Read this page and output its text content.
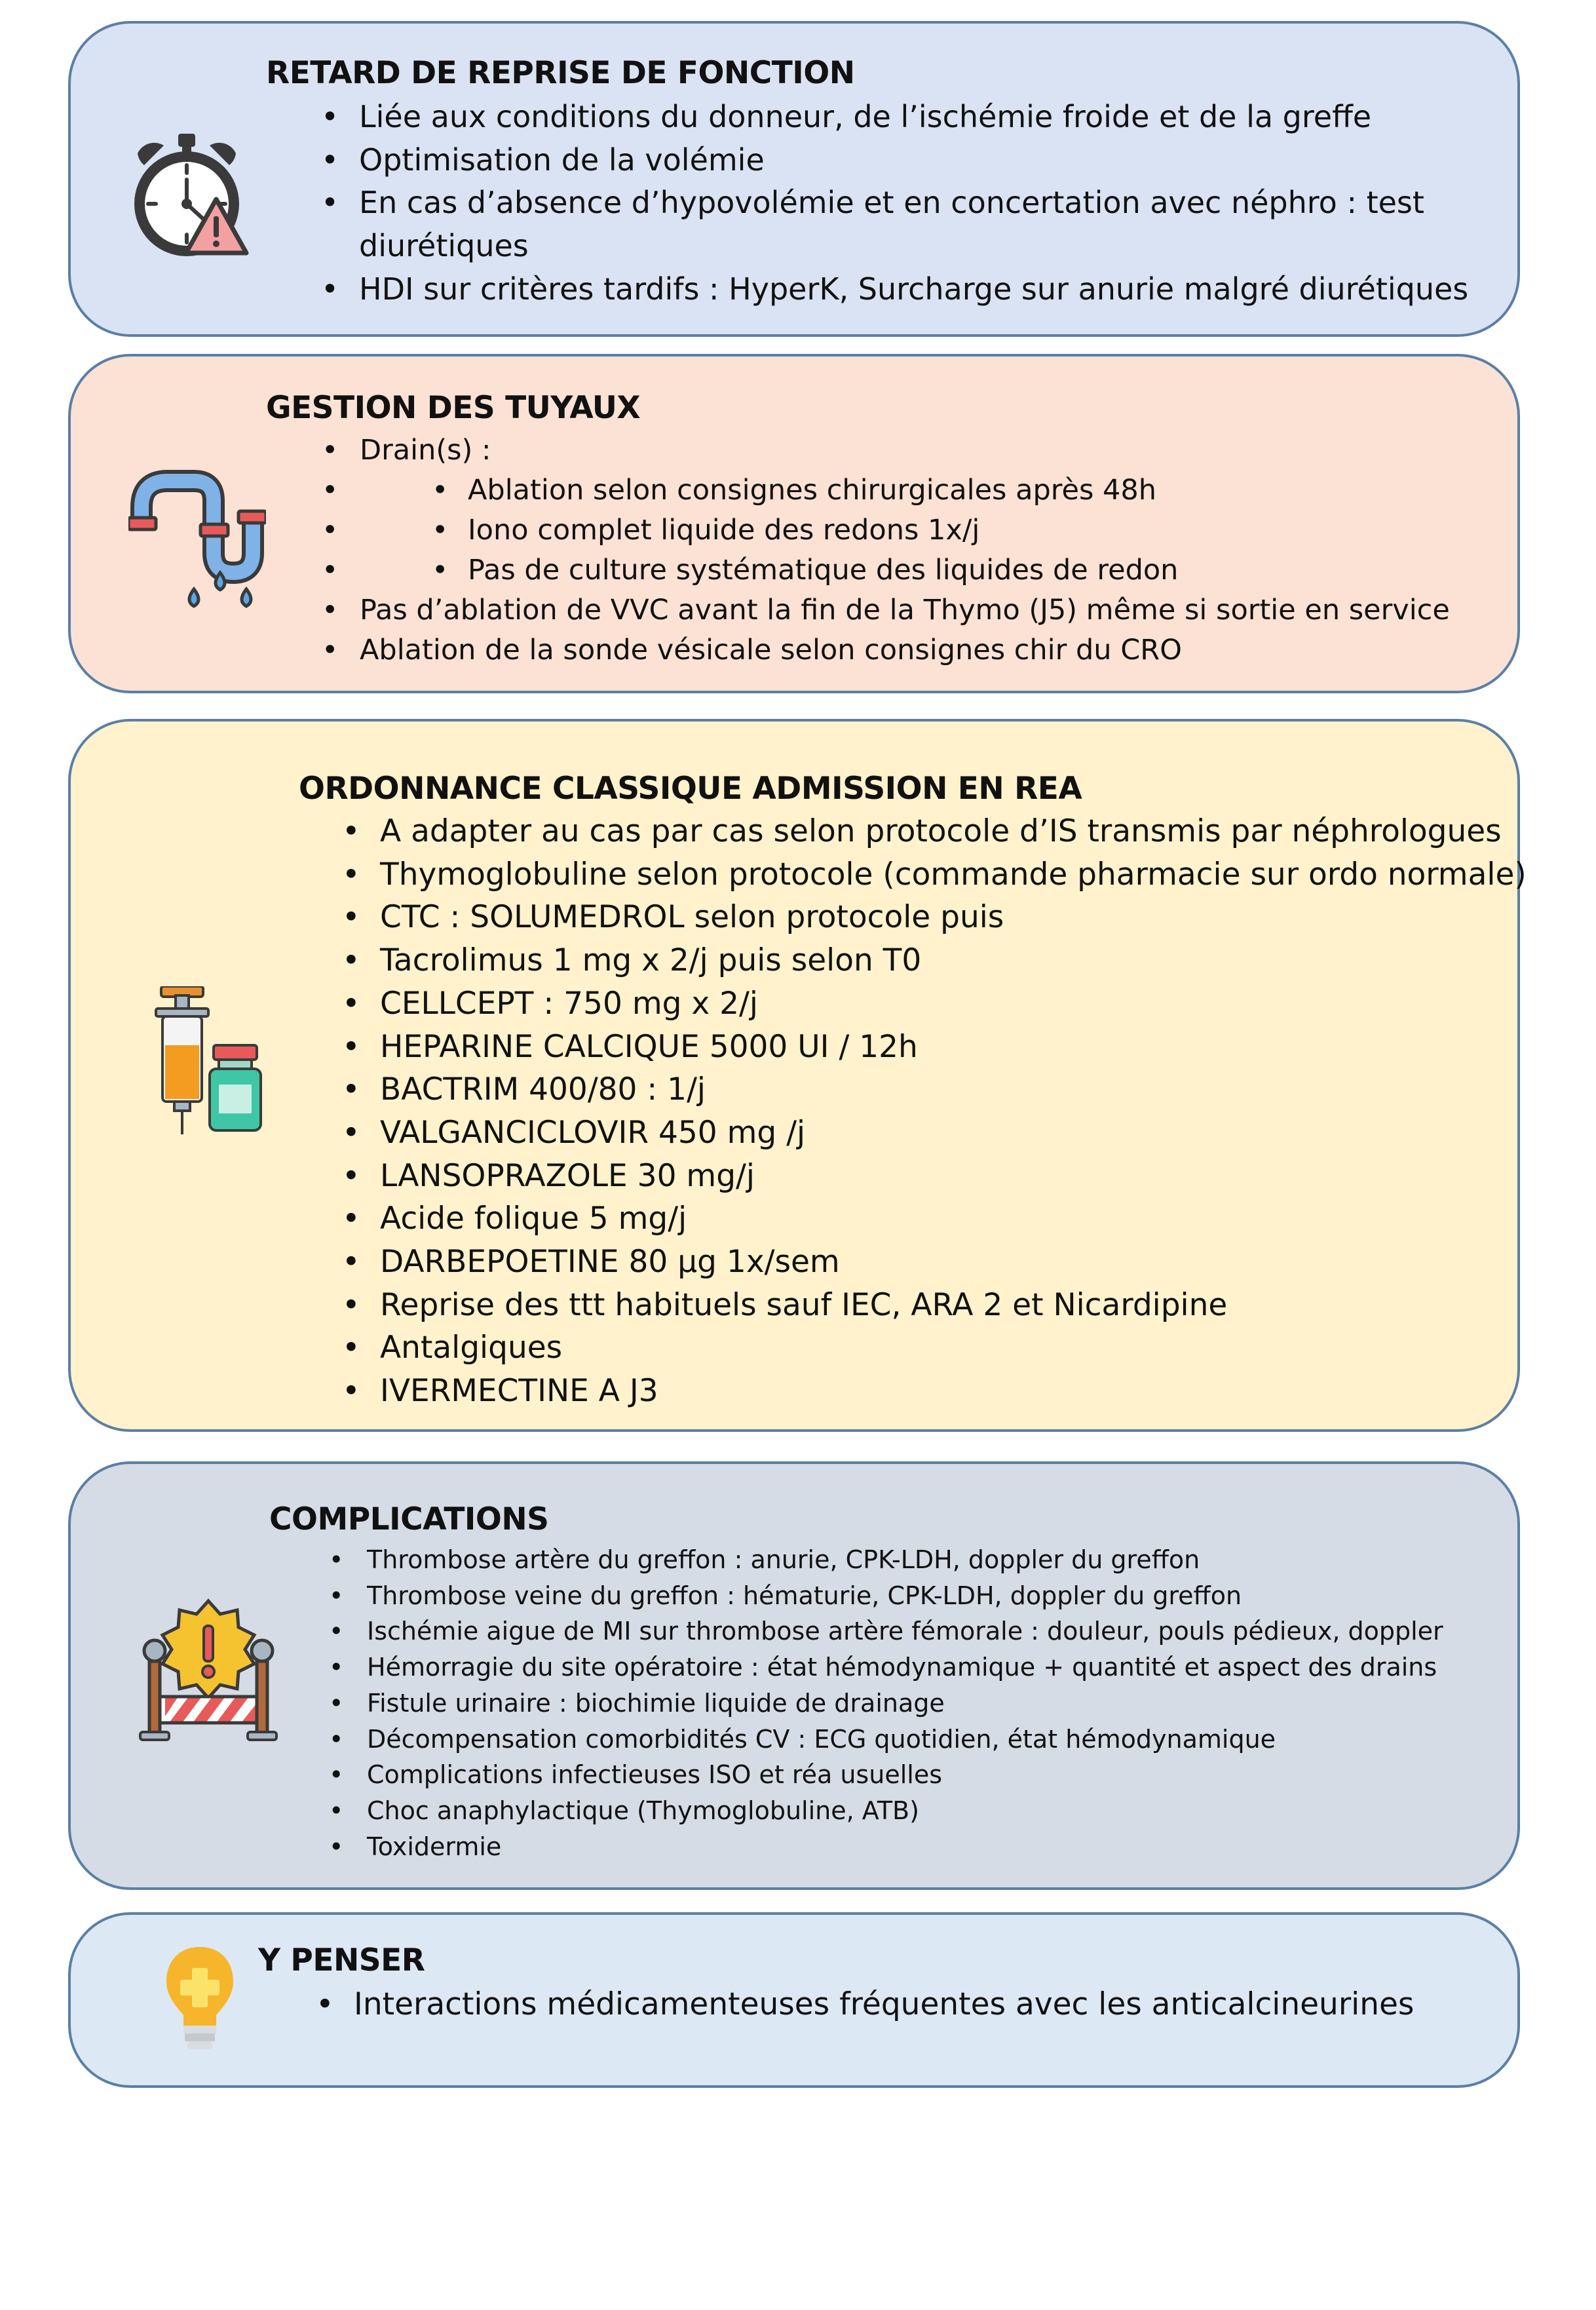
RETARD DE REPRISE DE FONCTION
• Liée aux conditions du donneur, de l’ischémie froide et de la greffe
• Optimisation de la volémie
• En cas d’absence d’hypovolémie et en concertation avec néphro : test
diurétiques
• HDI sur critères tardifs : HyperK, Surcharge sur anurie malgré diurétiques
GESTION DES TUYAUX
• Drain(s) :
• • Ablation selon consignes chirurgicales après 48h
• • Iono complet liquide des redons 1x/j
• • Pas de culture systématique des liquides de redon
• Pas d’ablation de VVC avant la fin de la Thymo (J5) même si sortie en service
• Ablation de la sonde vésicale selon consignes chir du CRO
ORDONNANCE CLASSIQUE ADMISSION EN REA
• A adapter au cas par cas selon protocole d’IS transmis par néphrologues
• Thymoglobuline selon protocole (commande pharmacie sur ordo normale)
• CTC : SOLUMEDROL selon protocole puis
• Tacrolimus 1 mg x 2/j puis selon T0
• CELLCEPT : 750 mg x 2/j
• HEPARINE CALCIQUE 5000 UI / 12h
• BACTRIM 400/80 : 1/j
• VALGANCICLOVIR 450 mg /j
• LANSOPRAZOLE 30 mg/j
• Acide folique 5 mg/j
• DARBEPOETINE 80 µg 1x/sem
• Reprise des ttt habituels sauf IEC, ARA 2 et Nicardipine
• Antalgiques
• IVERMECTINE A J3
COMPLICATIONS
• Thrombose artère du greffon : anurie, CPK-LDH, doppler du greffon
• Thrombose veine du greffon : hématurie, CPK-LDH, doppler du greffon
• Ischémie aigue de MI sur thrombose artère fémorale : douleur, pouls pédieux, doppler
• Hémorragie du site opératoire : état hémodynamique + quantité et aspect des drains
• Fistule urinaire : biochimie liquide de drainage
• Décompensation comorbidités CV : ECG quotidien, état hémodynamique
• Complications infectieuses ISO et réa usuelles
• Choc anaphylactique (Thymoglobuline, ATB)
• Toxidermie
Y PENSER
• Interactions médicamenteuses fréquentes avec les anticalcineurines
